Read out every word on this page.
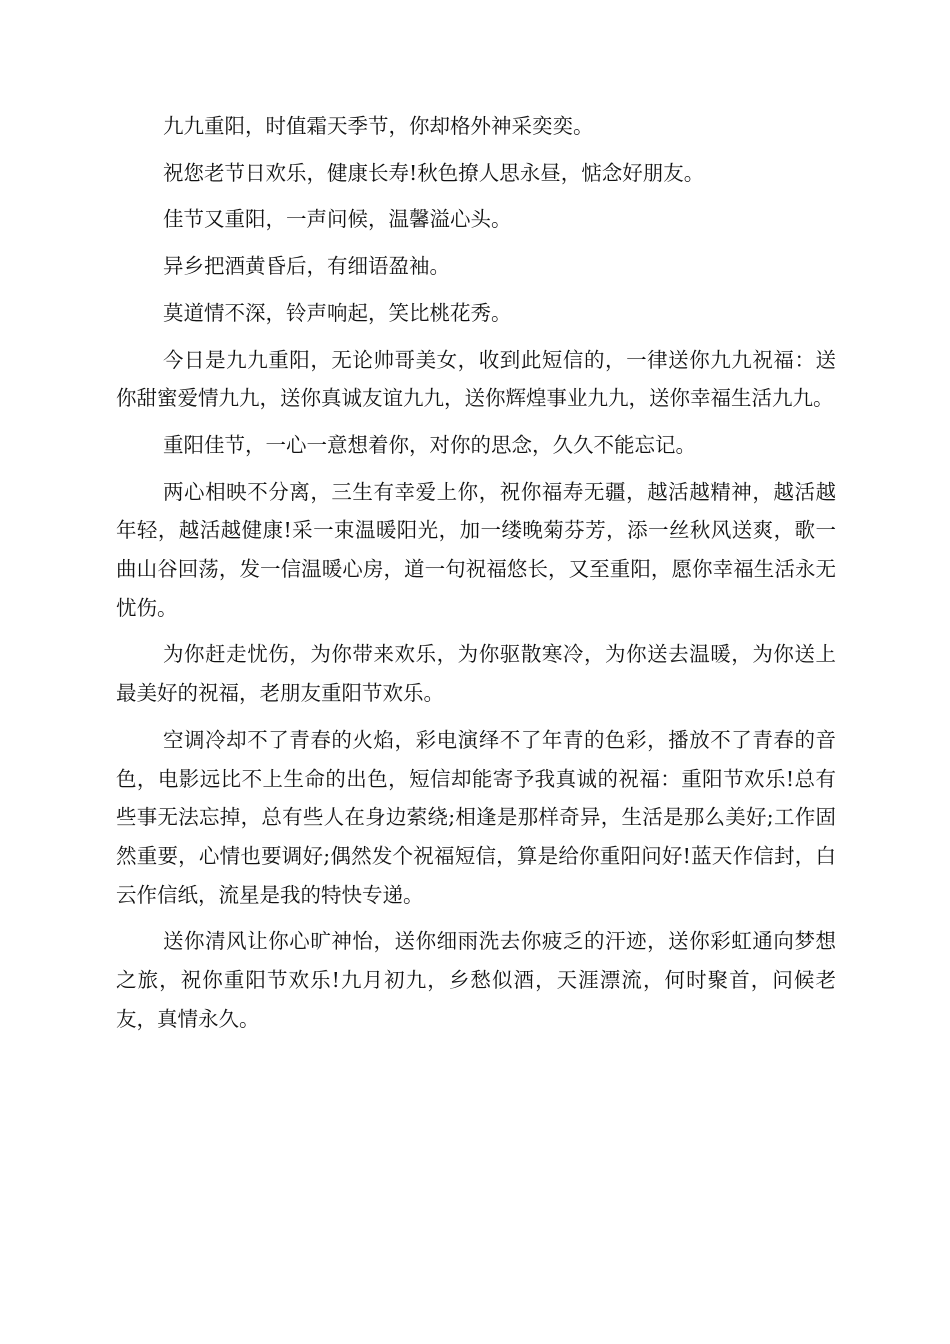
九九重阳，时值霜天季节，你却格外神采奕奕。

祝您老节日欢乐，健康长寿!秋色撩人思永昼，惦念好朋友。

佳节又重阳，一声问候，温馨溢心头。

异乡把酒黄昏后，有细语盈袖。

莫道情不深，铃声响起，笑比桃花秀。

今日是九九重阳，无论帅哥美女，收到此短信的，一律送你九九祝福：送你甜蜜爱情九九，送你真诚友谊九九，送你辉煌事业九九，送你幸福生活九九。

重阳佳节，一心一意想着你，对你的思念，久久不能忘记。

两心相映不分离，三生有幸爱上你，祝你福寿无疆，越活越精神，越活越年轻，越活越健康!采一束温暖阳光，加一缕晚菊芬芳，添一丝秋风送爽，歌一曲山谷回荡，发一信温暖心房，道一句祝福悠长，又至重阳，愿你幸福生活永无忧伤。

为你赶走忧伤，为你带来欢乐，为你驱散寒冷，为你送去温暖，为你送上最美好的祝福，老朋友重阳节欢乐。

空调冷却不了青春的火焰，彩电演绎不了年青的色彩，播放不了青春的音色，电影远比不上生命的出色，短信却能寄予我真诚的祝福：重阳节欢乐!总有些事无法忘掉，总有些人在身边萦绕;相逢是那样奇异，生活是那么美好;工作固然重要，心情也要调好;偶然发个祝福短信，算是给你重阳问好!蓝天作信封，白云作信纸，流星是我的特快专递。

送你清风让你心旷神怡，送你细雨洗去你疲乏的汗迹，送你彩虹通向梦想之旅，祝你重阳节欢乐!九月初九，乡愁似酒，天涯漂流，何时聚首，问候老友，真情永久。
